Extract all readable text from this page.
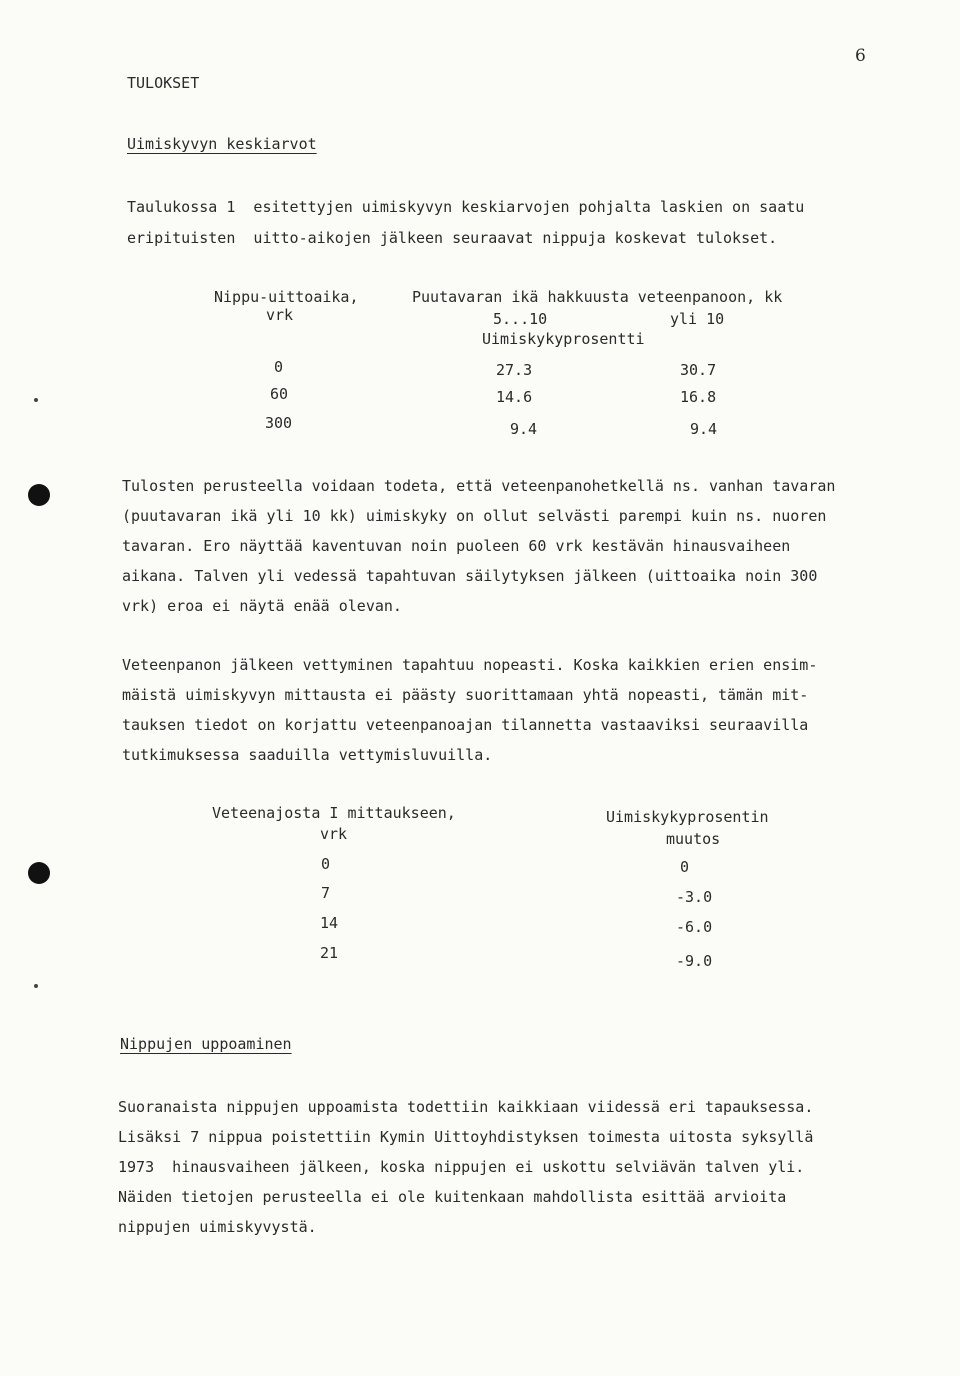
6
TULOKSET
Uimiskyvyn keskiarvot
Taulukossa 1  esitettyjen uimiskyvyn keskiarvojen pohjalta laskien on saatu
eripituisten  uitto-aikojen jälkeen seuraavat nippuja koskevat tulokset.
Nippu-uittoaika,
vrk
Puutavaran ikä hakkuusta veteenpanoon, kk
5...10	yli 10
Uimiskykyprosentti
0	27.3	30.7
60	14.6	16.8
300	9.4	9.4
Tulosten perusteella voidaan todeta, että veteenpanohetkellä ns. vanhan tavaran
(puutavaran ikä yli 10 kk) uimiskyky on ollut selvästi parempi kuin ns. nuoren
tavaran. Ero näyttää kaventuvan noin puoleen 60 vrk kestävän hinausvaiheen
aikana. Talven yli vedessä tapahtuvan säilytyksen jälkeen (uittoaika noin 300
vrk) eroa ei näytä enää olevan.
Veteenpanon jälkeen vettyminen tapahtuu nopeasti. Koska kaikkien erien ensim-
mäistä uimiskyvyn mittausta ei päästy suorittamaan yhtä nopeasti, tämän mit-
tauksen tiedot on korjattu veteenpanoajan tilannetta vastaaviksi seuraavilla
tutkimuksessa saaduilla vettymisluvuilla.
Veteenajosta I mittaukseen,
vrk
Uimiskykyprosentin
muutos
0	0
7	-3.0
14	-6.0
21	-9.0
Nippujen uppoaminen
Suoranaista nippujen uppoamista todettiin kaikkiaan viidessä eri tapauksessa.
Lisäksi 7 nippua poistettiin Kymin Uittoyhdistyksen toimesta uitosta syksyllä
1973  hinausvaiheen jälkeen, koska nippujen ei uskottu selviävän talven yli.
Näiden tietojen perusteella ei ole kuitenkaan mahdollista esittää arvioita
nippujen uimiskyvystä.
